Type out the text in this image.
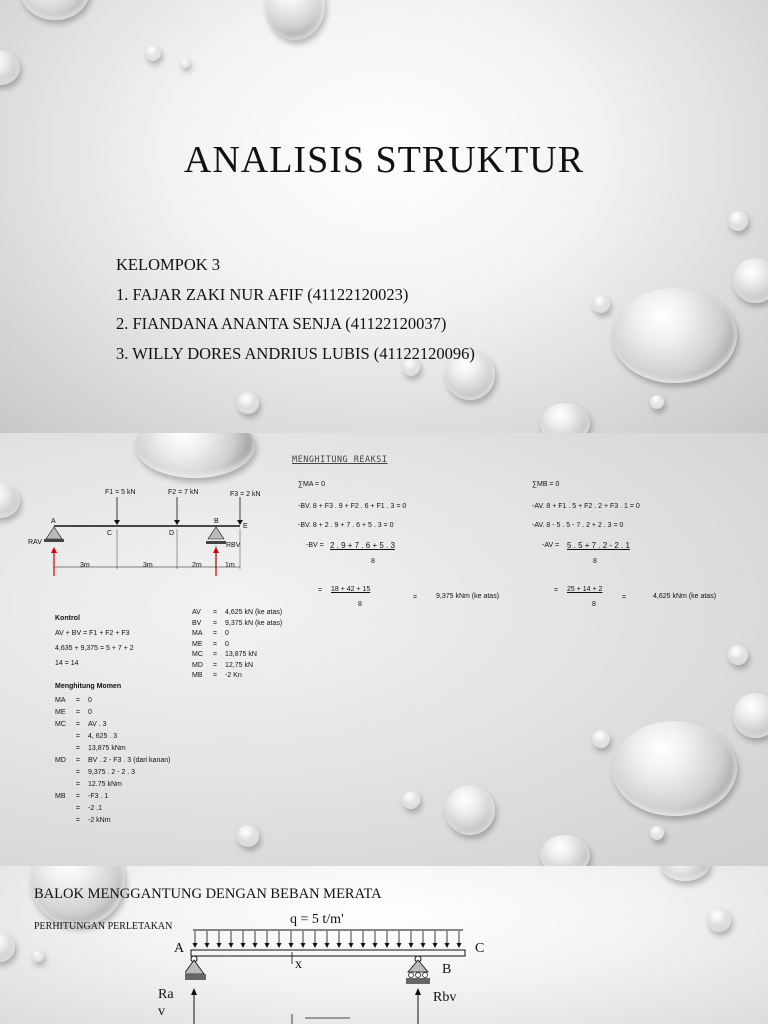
ANALISIS STRUKTUR
KELOMPOK 3
1. FAJAR ZAKI NUR AFIF (41122120023)
2. FIANDANA ANANTA SENJA (41122120037)
3. WILLY DORES ANDRIUS LUBIS (41122120096)
F1 = 5 kN	F2 = 7 kN	F3 = 2 kN
A	B
C	D
E
RAV	RBV
3m	3m	2m	1m
MENGHITUNG REAKSI
∑MA = 0
-BV. 8 + F3 . 9 + F2 . 6 + F1 . 3 = 0
-BV. 8 + 2 . 9 + 7 . 6 + 5 . 3 = 0
-BV = 2 . 9 + 7 . 6 + 5 . 3
8
= 18 + 42 + 15
8
=	9,375 kNm (ke atas)
∑MB = 0
-AV. 8 + F1 . 5 + F2 . 2 + F3 . 1 = 0
-AV. 8 - 5 . 5 - 7 . 2 + 2 . 3 = 0
-AV = 5 . 5 + 7 . 2 - 2 . 1
8
= 25 + 14 + 2
8
=	4,625 kNm (ke atas)
Kontrol
AV + BV = F1 + F2 + F3
4,635 + 9,375 = 5 + 7 + 2
14 = 14
AV	=	4,625 kN (ke atas)
BV	=	9,375 kN (ke atas)
MA	=	0
ME	=	0
MC	=	13,875 kN
MD	=	12,75 kN
MB	=	-2 Kn
Menghitung Momen
MA	=	0
ME	=	0
MC	=	AV . 3
	=	4, 625 . 3
	=	13,875 kNm
MD	=	BV . 2 - F3 . 3 (dari kanan)
	=	9,375 . 2 - 2 . 3
	=	12.75 kNm
MB	=	-F3 . 1
	=	-2 .1
	=	-2 kNm
BALOK MENGGANTUNG DENGAN BEBAN MERATA
PERHITUNGAN PERLETAKAN	q = 5 t/m'
A	C
B
x
Ra
v
Rbv
